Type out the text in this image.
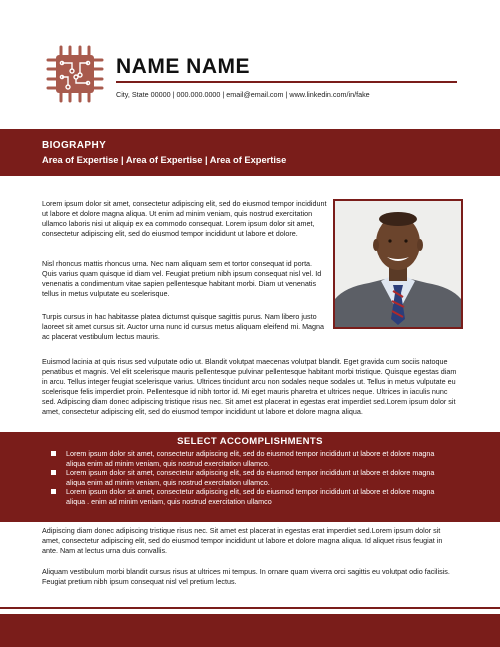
NAME NAME
City, State 00000 | 000.000.0000 | email@email.com | www.linkedin.com/in/fake
BIOGRAPHY
Area of Expertise | Area of Expertise | Area of Expertise

Lorem ipsum dolor sit amet, consectetur adipiscing elit, sed do eiusmod tempor incididunt ut labore et dolore magna aliqua. Ut enim ad minim veniam, quis nostrud exercitation ullamco laboris nisi ut aliquip ex ea commodo consequat. Lorem ipsum dolor sit amet, consectetur adipiscing elit, sed do eiusmod tempor incididunt ut labore et dolore.

Nisl rhoncus mattis rhoncus urna. Nec nam aliquam sem et tortor consequat id porta. Quis varius quam quisque id diam vel. Feugiat pretium nibh ipsum consequat nisl vel. Id venenatis a condimentum vitae sapien pellentesque habitant morbi. Diam ut venenatis tellus in metus vulputate eu scelerisque.

Turpis cursus in hac habitasse platea dictumst quisque sagittis purus. Nam libero justo laoreet sit amet cursus sit. Auctor urna nunc id cursus metus aliquam eleifend mi. Magna ac placerat vestibulum lectus mauris.

Euismod lacinia at quis risus sed vulputate odio ut. Blandit volutpat maecenas volutpat blandit. Eget gravida cum sociis natoque penatibus et magnis. Vel elit scelerisque mauris pellentesque pulvinar pellentesque habitant morbi tristique. Quisque egestas diam in arcu. Tellus integer feugiat scelerisque varius. Ultrices tincidunt arcu non sodales neque sodales ut. Tellus in metus vulputate eu scelerisque felis imperdiet proin. Pellentesque id nibh tortor id. Mi eget mauris pharetra et ultrices neque. Ultrices in iaculis nunc sed. Adipiscing diam donec adipiscing tristique risus nec. Sit amet est placerat in egestas erat imperdiet sed.Lorem ipsum dolor sit amet, consectetur adipiscing elit, sed do eiusmod tempor incididunt ut labore et dolore magna aliqua.

SELECT ACCOMPLISHMENTS
Lorem ipsum dolor sit amet, consectetur adipiscing elit, sed do eiusmod tempor incididunt ut labore et dolore magna aliqua enim ad minim veniam, quis nostrud exercitation ullamco.
Lorem ipsum dolor sit amet, consectetur adipiscing elit, sed do eiusmod tempor incididunt ut labore et dolore magna aliqua enim ad minim veniam, quis nostrud exercitation ullamco.
Lorem ipsum dolor sit amet, consectetur adipiscing elit, sed do eiusmod tempor incididunt ut labore et dolore magna aliqua . enim ad minim veniam, quis nostrud exercitation ullamco

Adipiscing diam donec adipiscing tristique risus nec. Sit amet est placerat in egestas erat imperdiet sed.Lorem ipsum dolor sit amet, consectetur adipiscing elit, sed do eiusmod tempor incididunt ut labore et dolore magna aliqua. Id aliquet risus feugiat in ante. Nam at lectus urna duis convallis.

Aliquam vestibulum morbi blandit cursus risus at ultrices mi tempus. In ornare quam viverra orci sagittis eu volutpat odio facilisis. Feugiat pretium nibh ipsum consequat nisl vel pretium lectus.
